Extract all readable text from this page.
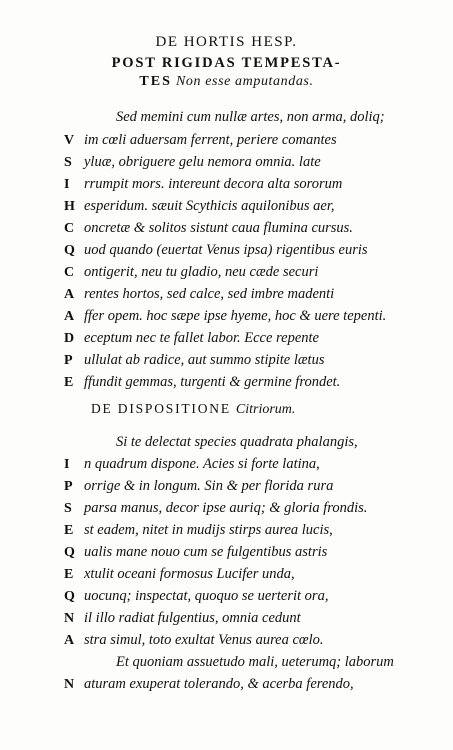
DE HORTIS HESP.
POST RIGIDAS TEMPESTA-
TES Non esse amputandas.
Sed memini cum nullæ artes, non arma, doliq;
V im cœli aduersam ferrent, periere comantes
S yluæ, obriguere gelu nemora omnia. late
I rrumpit mors. intereunt decora alta sororum
H esperidum. sæuit Scythicis aquilonibus aer,
C oncretæ & solitos sistunt caua flumina cursus.
Q uod quando (euertat Venus ipsa) rigentibus euris
C ontigerit, neu tu gladio, neu cæde securi
A rentes hortos, sed calce, sed imbre madenti
A ffer opem. hoc sæpe ipse hyeme, hoc & uere tepenti.
D eceptum nec te fallet labor. Ecce repente
P ullulat ab radice, aut summo stipite lætus
E ffundit gemmas, turgenti & germine frondet.
DE DISPOSITIONE Citriorum.
Si te delectat species quadrata phalangis,
I n quadrum dispone. Acies si forte latina,
P orrige & in longum. Sin & per florida rura
S parsa manus, decor ipse auriq; & gloria frondis.
E st eadem, nitet in mudijs stirps aurea lucis,
Q ualis mane nouo cum se fulgentibus astris
E xtulit oceani formosus Lucifer unda,
Q uocunq; inspectat, quoquo se uerterit ora,
N il illo radiat fulgentius, omnia cedunt
A stra simul, toto exultat Venus aurea cœlo.
Et quoniam assuetudo mali, ueterumq; laborum
N aturam exuperat tolerando, & acerba ferendo,
